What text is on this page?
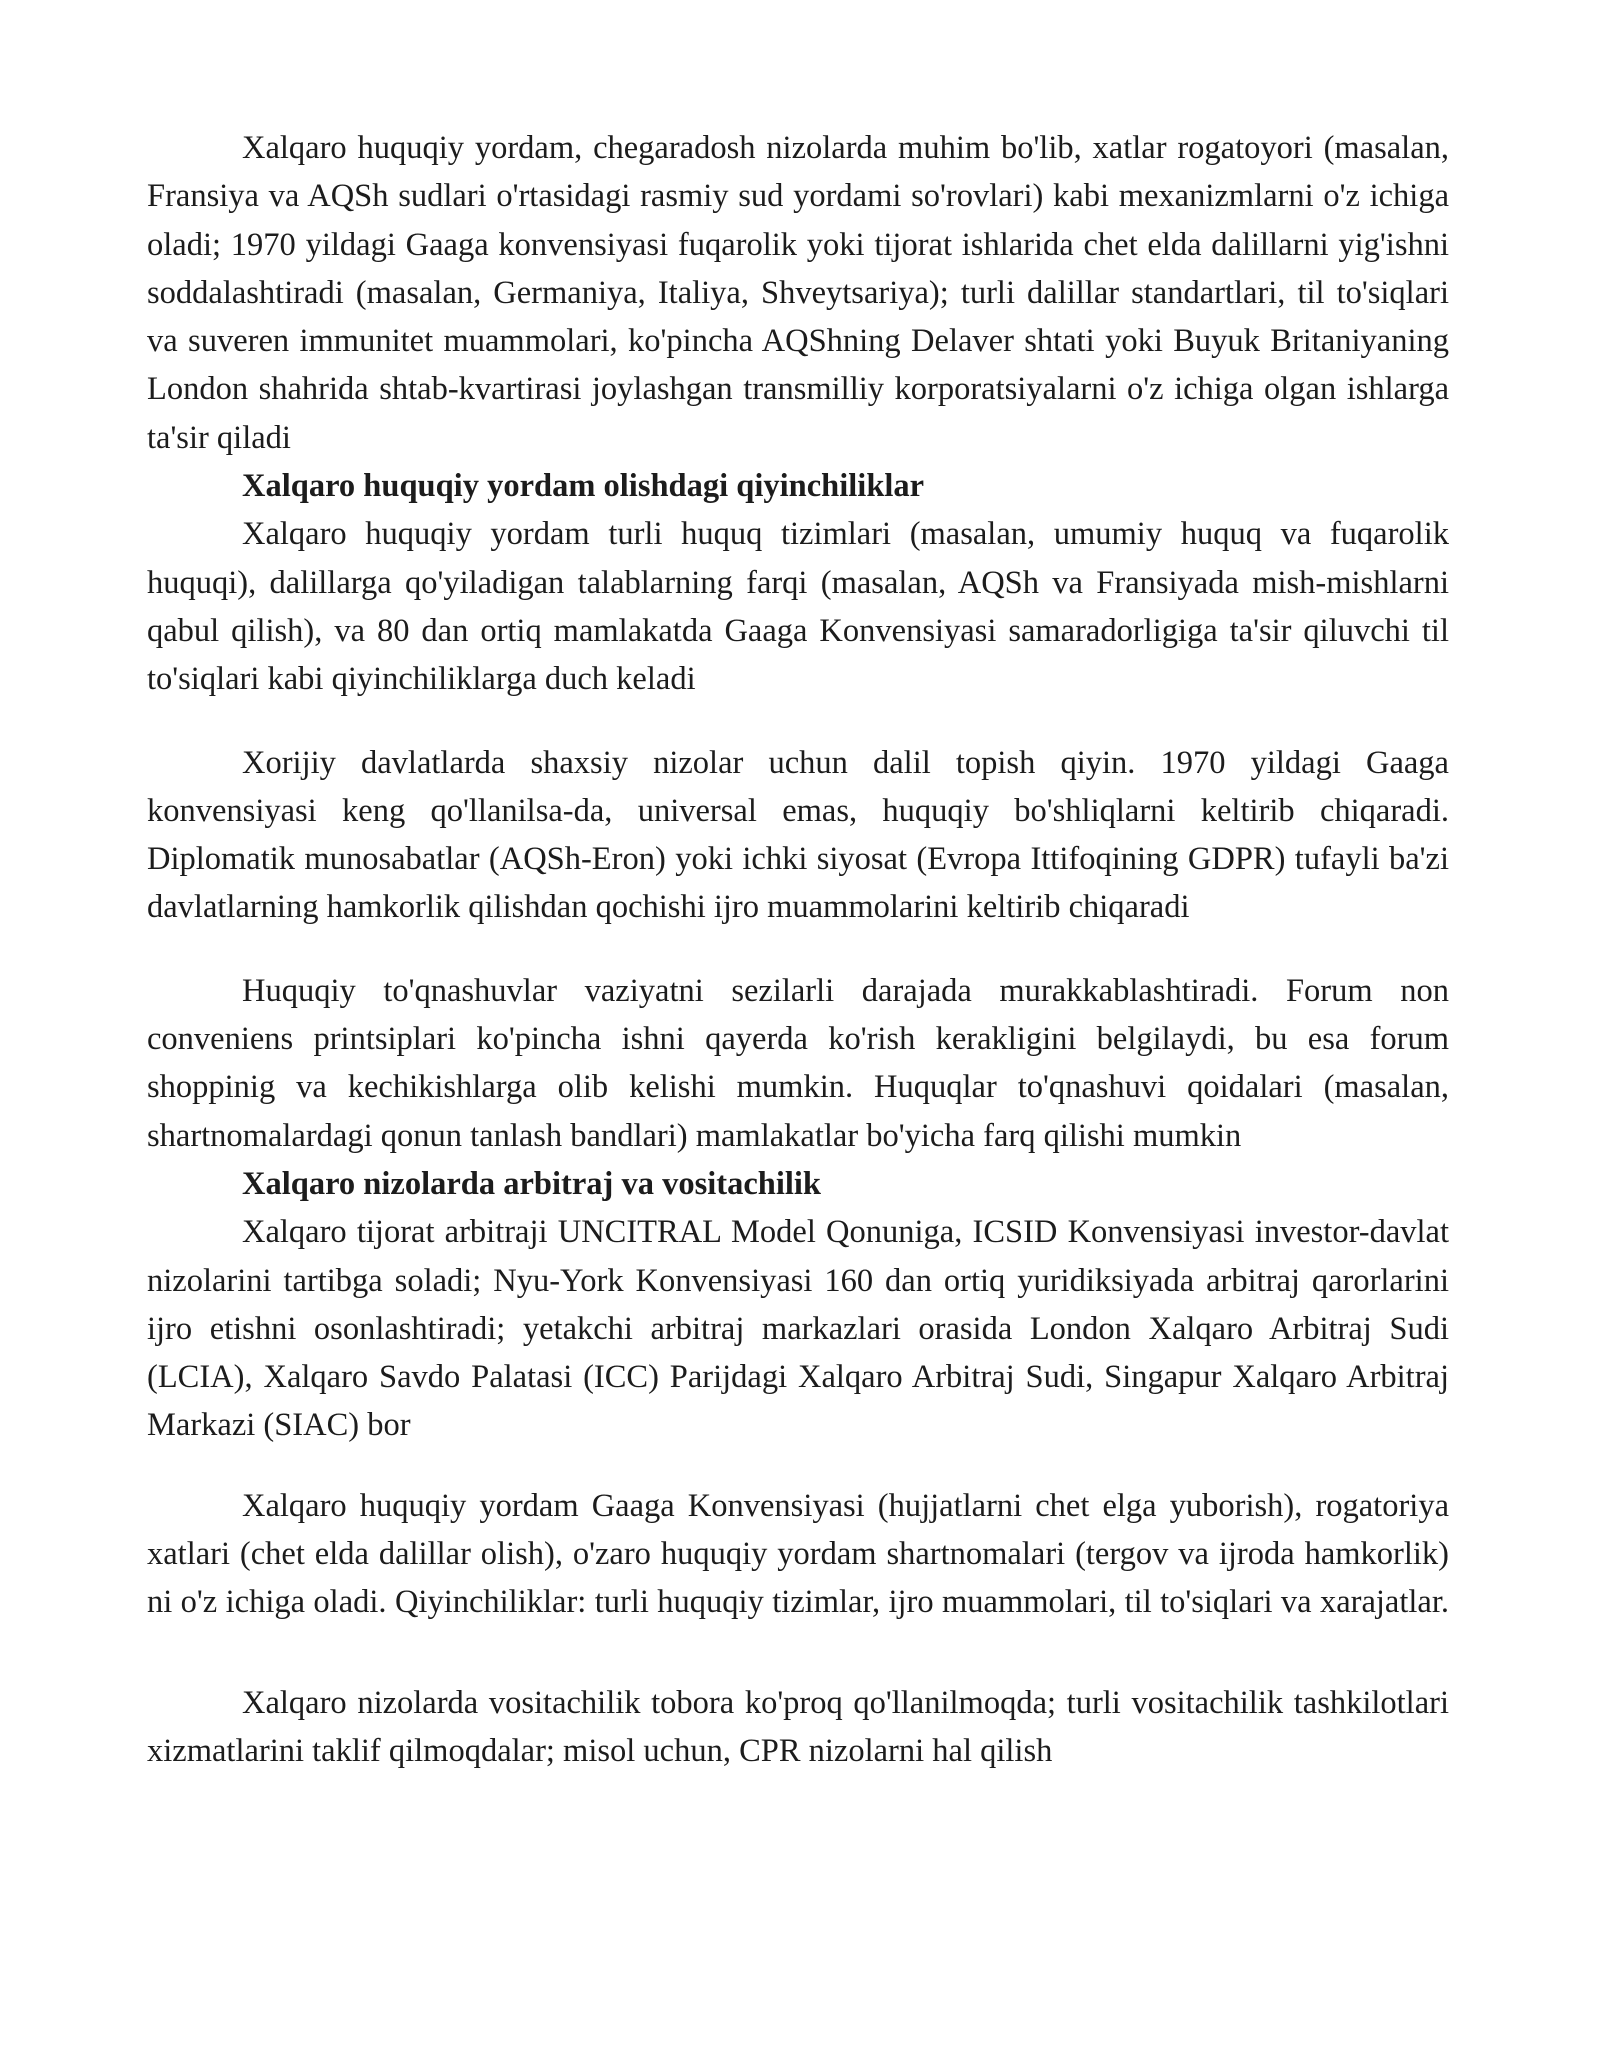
Xalqaro huquqiy yordam, chegaradosh nizolarda muhim bo'lib, xatlar rogatoyori (masalan, Fransiya va AQSh sudlari o'rtasidagi rasmiy sud yordami so'rovlari) kabi mexanizmlarni o'z ichiga oladi; 1970 yildagi Gaaga konvensiyasi fuqarolik yoki tijorat ishlarida chet elda dalillarni yig'ishni soddalashtiradi (masalan, Germaniya, Italiya, Shveytsariya); turli dalillar standartlari, til to'siqlari va suveren immunitet muammolari, ko'pincha AQShning Delaver shtati yoki Buyuk Britaniyaning London shahrida shtab-kvartirasi joylashgan transmilliy korporatsiyalarni o'z ichiga olgan ishlarga ta'sir qiladi

Xalqaro huquqiy yordam olishdagi qiyinchiliklar

Xalqaro huquqiy yordam turli huquq tizimlari (masalan, umumiy huquq va fuqarolik huquqi), dalillarga qo'yiladigan talablarning farqi (masalan, AQSh va Fransiyada mish-mishlarni qabul qilish), va 80 dan ortiq mamlakatda Gaaga Konvensiyasi samaradorligiga ta'sir qiluvchi til to'siqlari kabi qiyinchiliklarga duch keladi

Xorijiy davlatlarda shaxsiy nizolar uchun dalil topish qiyin. 1970 yildagi Gaaga konvensiyasi keng qo'llanilsa-da, universal emas, huquqiy bo'shliqlarni keltirib chiqaradi. Diplomatik munosabatlar (AQSh-Eron) yoki ichki siyosat (Evropa Ittifoqining GDPR) tufayli ba'zi davlatlarning hamkorlik qilishdan qochishi ijro muammolarini keltirib chiqaradi

Huquqiy to'qnashuvlar vaziyatni sezilarli darajada murakkablashtiradi. Forum non conveniens printsiplari ko'pincha ishni qayerda ko'rish kerakligini belgilaydi, bu esa forum shoppinig va kechikishlarga olib kelishi mumkin. Huquqlar to'qnashuvi qoidalari (masalan, shartnomalardagi qonun tanlash bandlari) mamlakatlar bo'yicha farq qilishi mumkin

Xalqaro nizolarda arbitraj va vositachilik

Xalqaro tijorat arbitraji UNCITRAL Model Qonuniga, ICSID Konvensiyasi investor-davlat nizolarini tartibga soladi; Nyu-York Konvensiyasi 160 dan ortiq yuridiksiyada arbitraj qarorlarini ijro etishni osonlashtiradi; yetakchi arbitraj markazlari orasida London Xalqaro Arbitraj Sudi (LCIA), Xalqaro Savdo Palatasi (ICC) Parijdagi Xalqaro Arbitraj Sudi, Singapur Xalqaro Arbitraj Markazi (SIAC) bor

Xalqaro huquqiy yordam Gaaga Konvensiyasi (hujjatlarni chet elga yuborish), rogatoriya xatlari (chet elda dalillar olish), o'zaro huquqiy yordam shartnomalari (tergov va ijroda hamkorlik) ni o'z ichiga oladi. Qiyinchiliklar: turli huquqiy tizimlar, ijro muammolari, til to'siqlari va xarajatlar.

Xalqaro nizolarda vositachilik tobora ko'proq qo'llanilmoqda; turli vositachilik tashkilotlari xizmatlarini taklif qilmoqdalar; misol uchun, CPR nizolarni hal qilish
